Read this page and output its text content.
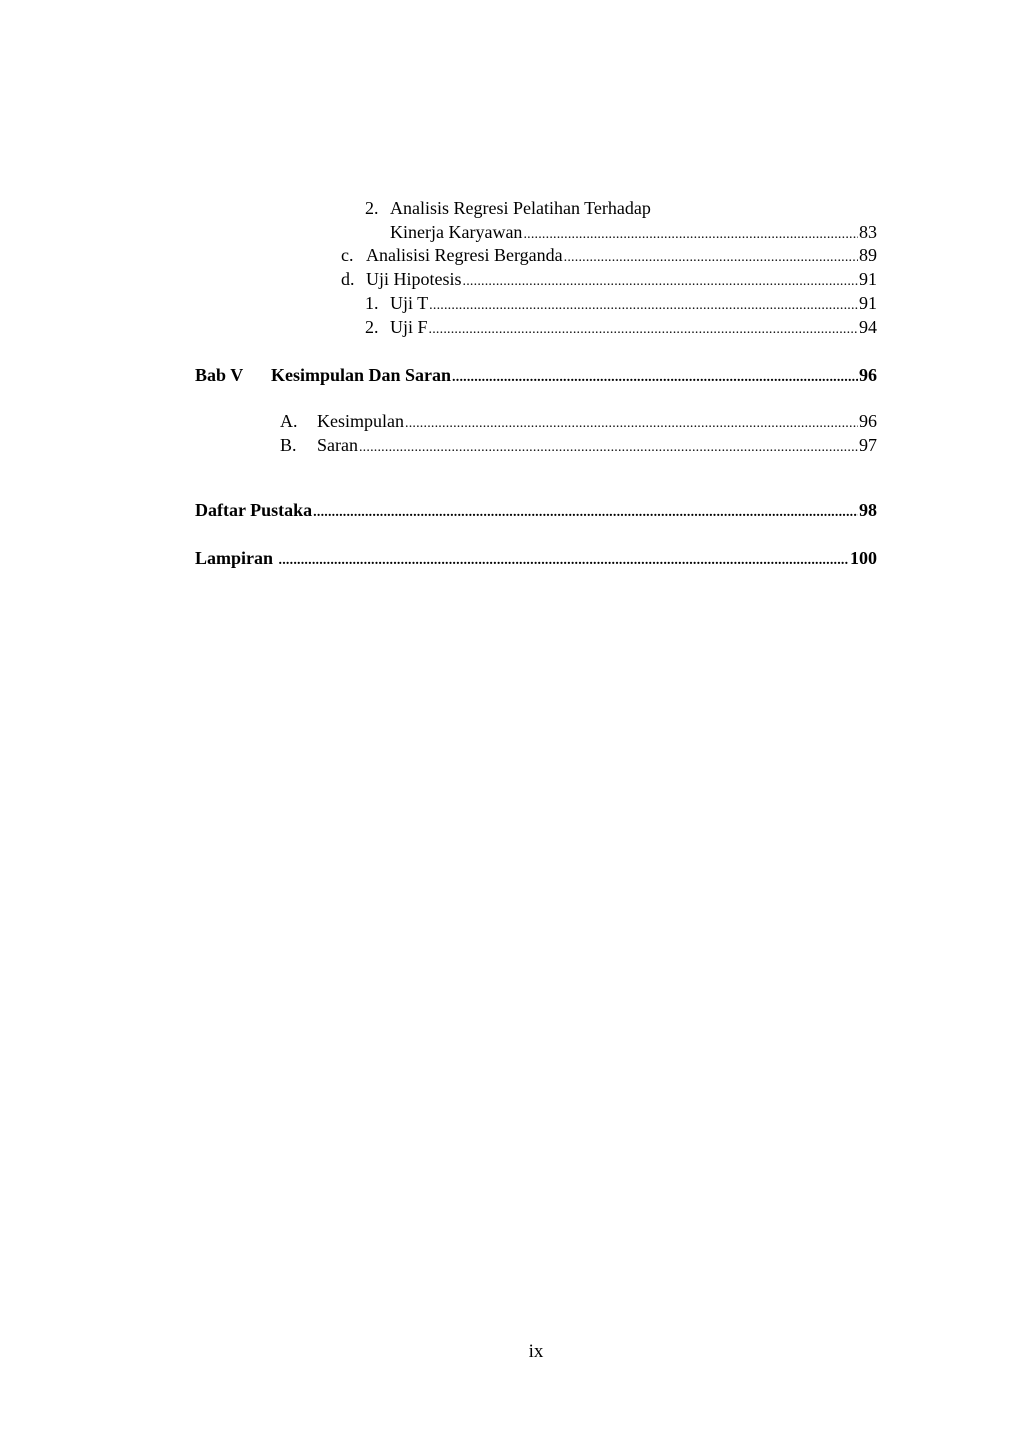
2. Analisis Regresi Pelatihan Terhadap
Kinerja Karyawan .....	83
c. Analisisi Regresi Berganda .....	89
d. Uji Hipotesis .....	91
1. Uji T .....	91
2. Uji F .....	94
Bab V	Kesimpulan Dan Saran .....	96
A.	Kesimpulan .....	96
B.	Saran .....	97
Daftar Pustaka .....	98
Lampiran .....	100
ix
